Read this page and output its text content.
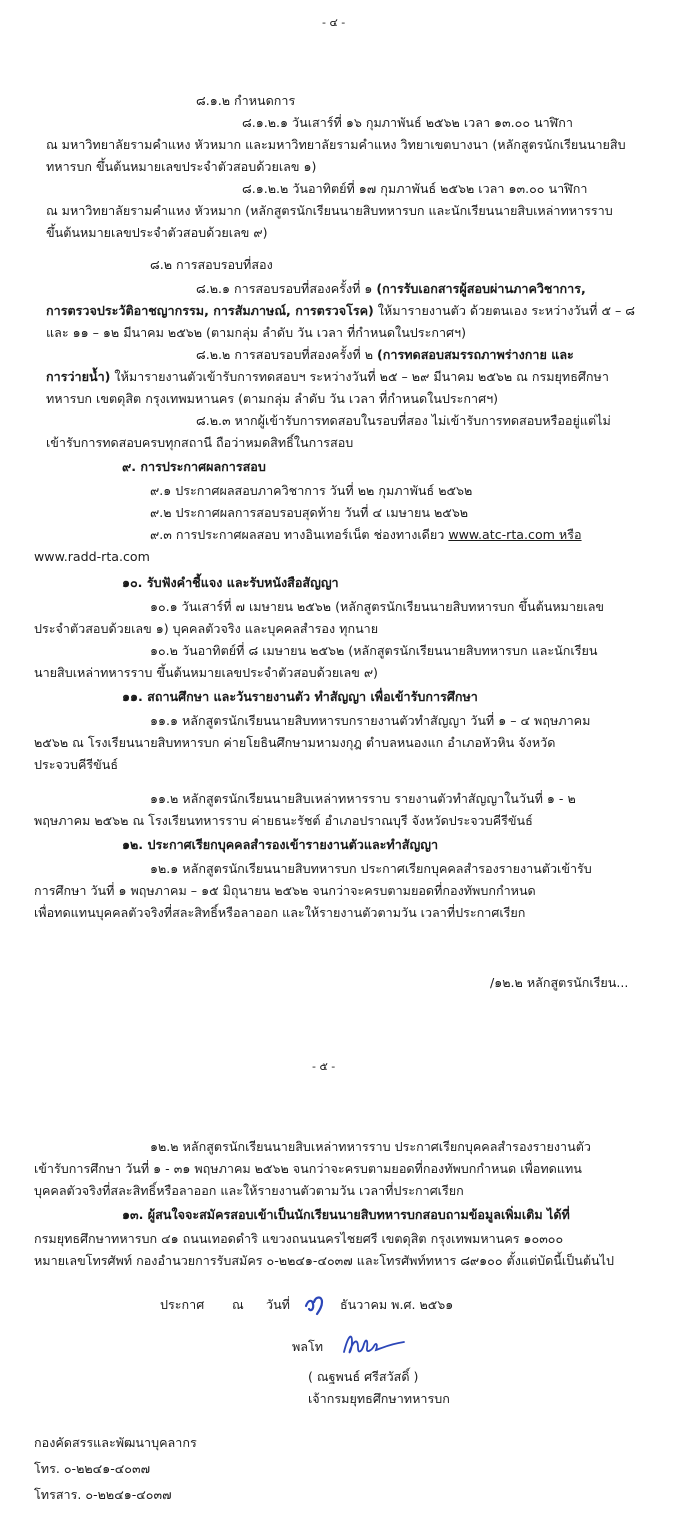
- ๔ -
๘.๑.๒ กำหนดการ
๘.๑.๒.๑ วันเสาร์ที่ ๑๖ กุมภาพันธ์ ๒๕๖๒ เวลา ๑๓.๐๐ นาฬิกา
ณ มหาวิทยาลัยรามคำแหง หัวหมาก และมหาวิทยาลัยรามคำแหง วิทยาเขตบางนา (หลักสูตรนักเรียนนายสิบ
ทหารบก ขึ้นต้นหมายเลขประจำตัวสอบด้วยเลข ๑)
๘.๑.๒.๒ วันอาทิตย์ที่ ๑๗ กุมภาพันธ์ ๒๕๖๒ เวลา ๑๓.๐๐ นาฬิกา
ณ มหาวิทยาลัยรามคำแหง หัวหมาก (หลักสูตรนักเรียนนายสิบทหารบก และนักเรียนนายสิบเหล่าทหารราบ
ขึ้นต้นหมายเลขประจำตัวสอบด้วยเลข ๙)
๘.๒ การสอบรอบที่สอง
๘.๒.๑ การสอบรอบที่สองครั้งที่ ๑ (การรับเอกสารผู้สอบผ่านภาควิชาการ,
การตรวจประวัติอาชญากรรม, การสัมภาษณ์, การตรวจโรค) ให้มารายงานตัว ด้วยตนเอง ระหว่างวันที่ ๕ – ๘
และ ๑๑ – ๑๒ มีนาคม ๒๕๖๒ (ตามกลุ่ม ลำดับ วัน เวลา ที่กำหนดในประกาศฯ)
๘.๒.๒ การสอบรอบที่สองครั้งที่ ๒ (การทดสอบสมรรถภาพร่างกาย และ
การว่ายน้ำ) ให้มารายงานตัวเข้ารับการทดสอบฯ ระหว่างวันที่ ๒๕ – ๒๙ มีนาคม ๒๕๖๒ ณ กรมยุทธศึกษา
ทหารบก เขตดุสิต กรุงเทพมหานคร (ตามกลุ่ม ลำดับ วัน เวลา ที่กำหนดในประกาศฯ)
๘.๒.๓ หากผู้เข้ารับการทดสอบในรอบที่สอง ไม่เข้ารับการทดสอบหรืออยู่แต่ไม่
เข้ารับการทดสอบครบทุกสถานี ถือว่าหมดสิทธิ์ในการสอบ
๙. การประกาศผลการสอบ
๙.๑ ประกาศผลสอบภาควิชาการ วันที่ ๒๒ กุมภาพันธ์ ๒๕๖๒
๙.๒ ประกาศผลการสอบรอบสุดท้าย วันที่ ๔ เมษายน ๒๕๖๒
๙.๓ การประกาศผลสอบ ทางอินเทอร์เน็ต ช่องทางเดียว www.atc-rta.com หรือ
www.radd-rta.com
๑๐. รับฟังคำชี้แจง และรับหนังสือสัญญา
๑๐.๑ วันเสาร์ที่ ๗ เมษายน ๒๕๖๒ (หลักสูตรนักเรียนนายสิบทหารบก ขึ้นต้นหมายเลข
ประจำตัวสอบด้วยเลข ๑) บุคคลตัวจริง และบุคคลสำรอง ทุกนาย
๑๐.๒ วันอาทิตย์ที่ ๘ เมษายน ๒๕๖๒ (หลักสูตรนักเรียนนายสิบทหารบก และนักเรียน
นายสิบเหล่าทหารราบ ขึ้นต้นหมายเลขประจำตัวสอบด้วยเลข ๙)
๑๑. สถานศึกษา และวันรายงานตัว ทำสัญญา เพื่อเข้ารับการศึกษา
๑๑.๑ หลักสูตรนักเรียนนายสิบทหารบกรายงานตัวทำสัญญา วันที่ ๑ – ๔ พฤษภาคม
๒๕๖๒ ณ โรงเรียนนายสิบทหารบก ค่ายโยธินศึกษามหามงกุฎ ตำบลหนองแก อำเภอหัวหิน จังหวัด
ประจวบคีรีขันธ์
๑๑.๒ หลักสูตรนักเรียนนายสิบเหล่าทหารราบ รายงานตัวทำสัญญาในวันที่ ๑ - ๒
พฤษภาคม ๒๕๖๒ ณ โรงเรียนทหารราบ ค่ายธนะรัชต์ อำเภอปราณบุรี จังหวัดประจวบคีรีขันธ์
๑๒. ประกาศเรียกบุคคลสำรองเข้ารายงานตัวและทำสัญญา
๑๒.๑ หลักสูตรนักเรียนนายสิบทหารบก ประกาศเรียกบุคคลสำรองรายงานตัวเข้ารับ
การศึกษา วันที่ ๑ พฤษภาคม – ๑๕ มิถุนายน ๒๕๖๒ จนกว่าจะครบตามยอดที่กองทัพบกกำหนด
เพื่อทดแทนบุคคลตัวจริงที่สละสิทธิ์หรือลาออก และให้รายงานตัวตามวัน เวลาที่ประกาศเรียก
/๑๒.๒ หลักสูตรนักเรียน...
- ๕ -
๑๒.๒ หลักสูตรนักเรียนนายสิบเหล่าทหารราบ ประกาศเรียกบุคคลสำรองรายงานตัว
เข้ารับการศึกษา วันที่ ๑ - ๓๑ พฤษภาคม ๒๕๖๒ จนกว่าจะครบตามยอดที่กองทัพบกกำหนด เพื่อทดแทน
บุคคลตัวจริงที่สละสิทธิ์หรือลาออก และให้รายงานตัวตามวัน เวลาที่ประกาศเรียก
๑๓. ผู้สนใจจะสมัครสอบเข้าเป็นนักเรียนนายสิบทหารบกสอบถามข้อมูลเพิ่มเติม ได้ที่
กรมยุทธศึกษาทหารบก ๔๑ ถนนเทอดดำริ แขวงถนนนครไชยศรี เขตดุสิต กรุงเทพมหานคร ๑๐๓๐๐
หมายเลขโทรศัพท์ กองอำนวยการรับสมัคร ๐-๒๒๔๑-๔๐๓๗ และโทรศัพท์ทหาร ๘๙๑๐๐ ตั้งแต่บัดนี้เป็นต้นไป
ประกาศ ณ วันที่	ธันวาคม พ.ศ. ๒๕๖๑
พลโท
( ณฐพนธ์ ศรีสวัสดิ์ )
เจ้ากรมยุทธศึกษาทหารบก
กองคัดสรรและพัฒนาบุคลากร
โทร. ๐-๒๒๔๑-๔๐๓๗
โทรสาร. ๐-๒๒๔๑-๔๐๓๗
